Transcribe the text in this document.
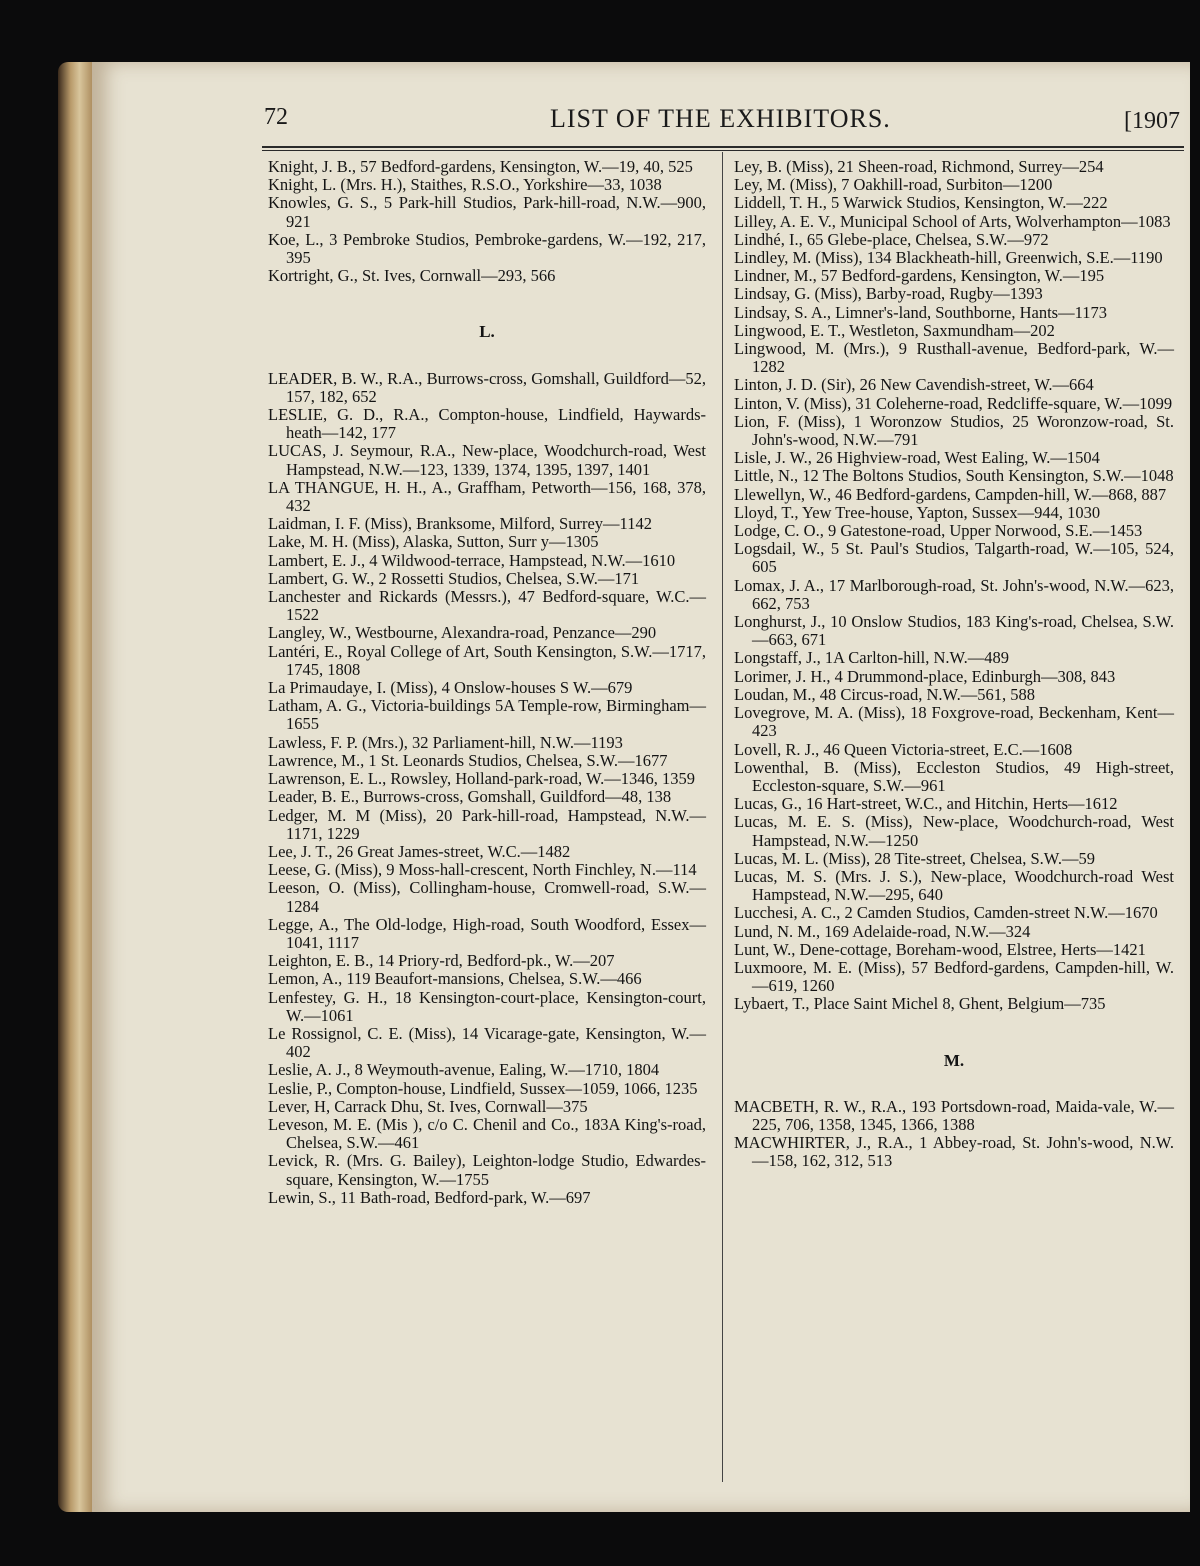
72	LIST OF THE EXHIBITORS.	[1907
Knight, J. B., 57 Bedford-gardens, Kensington, W.—19, 40, 525
Knight, L. (Mrs. H.), Staithes, R.S.O., Yorkshire—33, 1038
Knowles, G. S., 5 Park-hill Studios, Park-hill-road, N.W.—900, 921
Koe, L., 3 Pembroke Studios, Pembroke-gardens, W.—192, 217, 395
Kortright, G., St. Ives, Cornwall—293, 566
L.
LEADER, B. W., R.A., Burrows-cross, Gomshall, Guildford—52, 157, 182, 652
LESLIE, G. D., R.A., Compton-house, Lindfield, Haywards-heath—142, 177
LUCAS, J. Seymour, R.A., New-place, Woodchurch-road, West Hampstead, N.W.—123, 1339, 1374, 1395, 1397, 1401
LA THANGUE, H. H., A., Graffham, Petworth—156, 168, 378, 432
Laidman, I. F. (Miss), Branksome, Milford, Surrey—1142
Lake, M. H. (Miss), Alaska, Sutton, Surr y—1305
Lambert, E. J., 4 Wildwood-terrace, Hampstead, N.W.—1610
Lambert, G. W., 2 Rossetti Studios, Chelsea, S.W.—171
Lanchester and Rickards (Messrs.), 47 Bedford-square, W.C.—1522
Langley, W., Westbourne, Alexandra-road, Penzance—290
Lantéri, E., Royal College of Art, South Kensington, S.W.—1717, 1745, 1808
La Primaudaye, I. (Miss), 4 Onslow-houses S W.—679
Latham, A. G., Victoria-buildings 5A Temple-row, Birmingham—1655
Lawless, F. P. (Mrs.), 32 Parliament-hill, N.W.—1193
Lawrence, M., 1 St. Leonards Studios, Chelsea, S.W.—1677
Lawrenson, E. L., Rowsley, Holland-park-road, W.—1346, 1359
Leader, B. E., Burrows-cross, Gomshall, Guildford—48, 138
Ledger, M. M (Miss), 20 Park-hill-road, Hampstead, N.W.—1171, 1229
Lee, J. T., 26 Great James-street, W.C.—1482
Leese, G. (Miss), 9 Moss-hall-crescent, North Finchley, N.—114
Leeson, O. (Miss), Collingham-house, Cromwell-road, S.W.—1284
Legge, A., The Old-lodge, High-road, South Woodford, Essex—1041, 1117
Leighton, E. B., 14 Priory-rd, Bedford-pk., W.—207
Lemon, A., 119 Beaufort-mansions, Chelsea, S.W.—466
Lenfestey, G. H., 18 Kensington-court-place, Kensington-court, W.—1061
Le Rossignol, C. E. (Miss), 14 Vicarage-gate, Kensington, W.—402
Leslie, A. J., 8 Weymouth-avenue, Ealing, W.—1710, 1804
Leslie, P., Compton-house, Lindfield, Sussex—1059, 1066, 1235
Lever, H, Carrack Dhu, St. Ives, Cornwall—375
Leveson, M. E. (Mis ), c/o C. Chenil and Co., 183A King's-road, Chelsea, S.W.—461
Levick, R. (Mrs. G. Bailey), Leighton-lodge Studio, Edwardes-square, Kensington, W.—1755
Lewin, S., 11 Bath-road, Bedford-park, W.—697
Ley, B. (Miss), 21 Sheen-road, Richmond, Surrey—254
Ley, M. (Miss), 7 Oakhill-road, Surbiton—1200
Liddell, T. H., 5 Warwick Studios, Kensington, W.—222
Lilley, A. E. V., Municipal School of Arts, Wolverhampton—1083
Lindhé, I., 65 Glebe-place, Chelsea, S.W.—972
Lindley, M. (Miss), 134 Blackheath-hill, Greenwich, S.E.—1190
Lindner, M., 57 Bedford-gardens, Kensington, W.—195
Lindsay, G. (Miss), Barby-road, Rugby—1393
Lindsay, S. A., Limner's-land, Southborne, Hants—1173
Lingwood, E. T., Westleton, Saxmundham—202
Lingwood, M. (Mrs.), 9 Rusthall-avenue, Bedford-park, W.—1282
Linton, J. D. (Sir), 26 New Cavendish-street, W.—664
Linton, V. (Miss), 31 Coleherne-road, Redcliffe-square, W.—1099
Lion, F. (Miss), 1 Woronzow Studios, 25 Woronzow-road, St. John's-wood, N.W.—791
Lisle, J. W., 26 Highview-road, West Ealing, W.—1504
Little, N., 12 The Boltons Studios, South Kensington, S.W.—1048
Llewellyn, W., 46 Bedford-gardens, Campden-hill, W.—868, 887
Lloyd, T., Yew Tree-house, Yapton, Sussex—944, 1030
Lodge, C. O., 9 Gatestone-road, Upper Norwood, S.E.—1453
Logsdail, W., 5 St. Paul's Studios, Talgarth-road, W.—105, 524, 605
Lomax, J. A., 17 Marlborough-road, St. John's-wood, N.W.—623, 662, 753
Longhurst, J., 10 Onslow Studios, 183 King's-road, Chelsea, S.W.—663, 671
Longstaff, J., 1A Carlton-hill, N.W.—489
Lorimer, J. H., 4 Drummond-place, Edinburgh—308, 843
Loudan, M., 48 Circus-road, N.W.—561, 588
Lovegrove, M. A. (Miss), 18 Foxgrove-road, Beckenham, Kent—423
Lovell, R. J., 46 Queen Victoria-street, E.C.—1608
Lowenthal, B. (Miss), Eccleston Studios, 49 High-street, Eccleston-square, S.W.—961
Lucas, G., 16 Hart-street, W.C., and Hitchin, Herts—1612
Lucas, M. E. S. (Miss), New-place, Woodchurch-road, West Hampstead, N.W.—1250
Lucas, M. L. (Miss), 28 Tite-street, Chelsea, S.W.—59
Lucas, M. S. (Mrs. J. S.), New-place, Woodchurch-road West Hampstead, N.W.—295, 640
Lucchesi, A. C., 2 Camden Studios, Camden-street N.W.—1670
Lund, N. M., 169 Adelaide-road, N.W.—324
Lunt, W., Dene-cottage, Boreham-wood, Elstree, Herts—1421
Luxmoore, M. E. (Miss), 57 Bedford-gardens, Campden-hill, W.—619, 1260
Lybaert, T., Place Saint Michel 8, Ghent, Belgium—735
M.
MACBETH, R. W., R.A., 193 Portsdown-road, Maida-vale, W.—225, 706, 1358, 1345, 1366, 1388
MACWHIRTER, J., R.A., 1 Abbey-road, St. John's-wood, N.W.—158, 162, 312, 513
